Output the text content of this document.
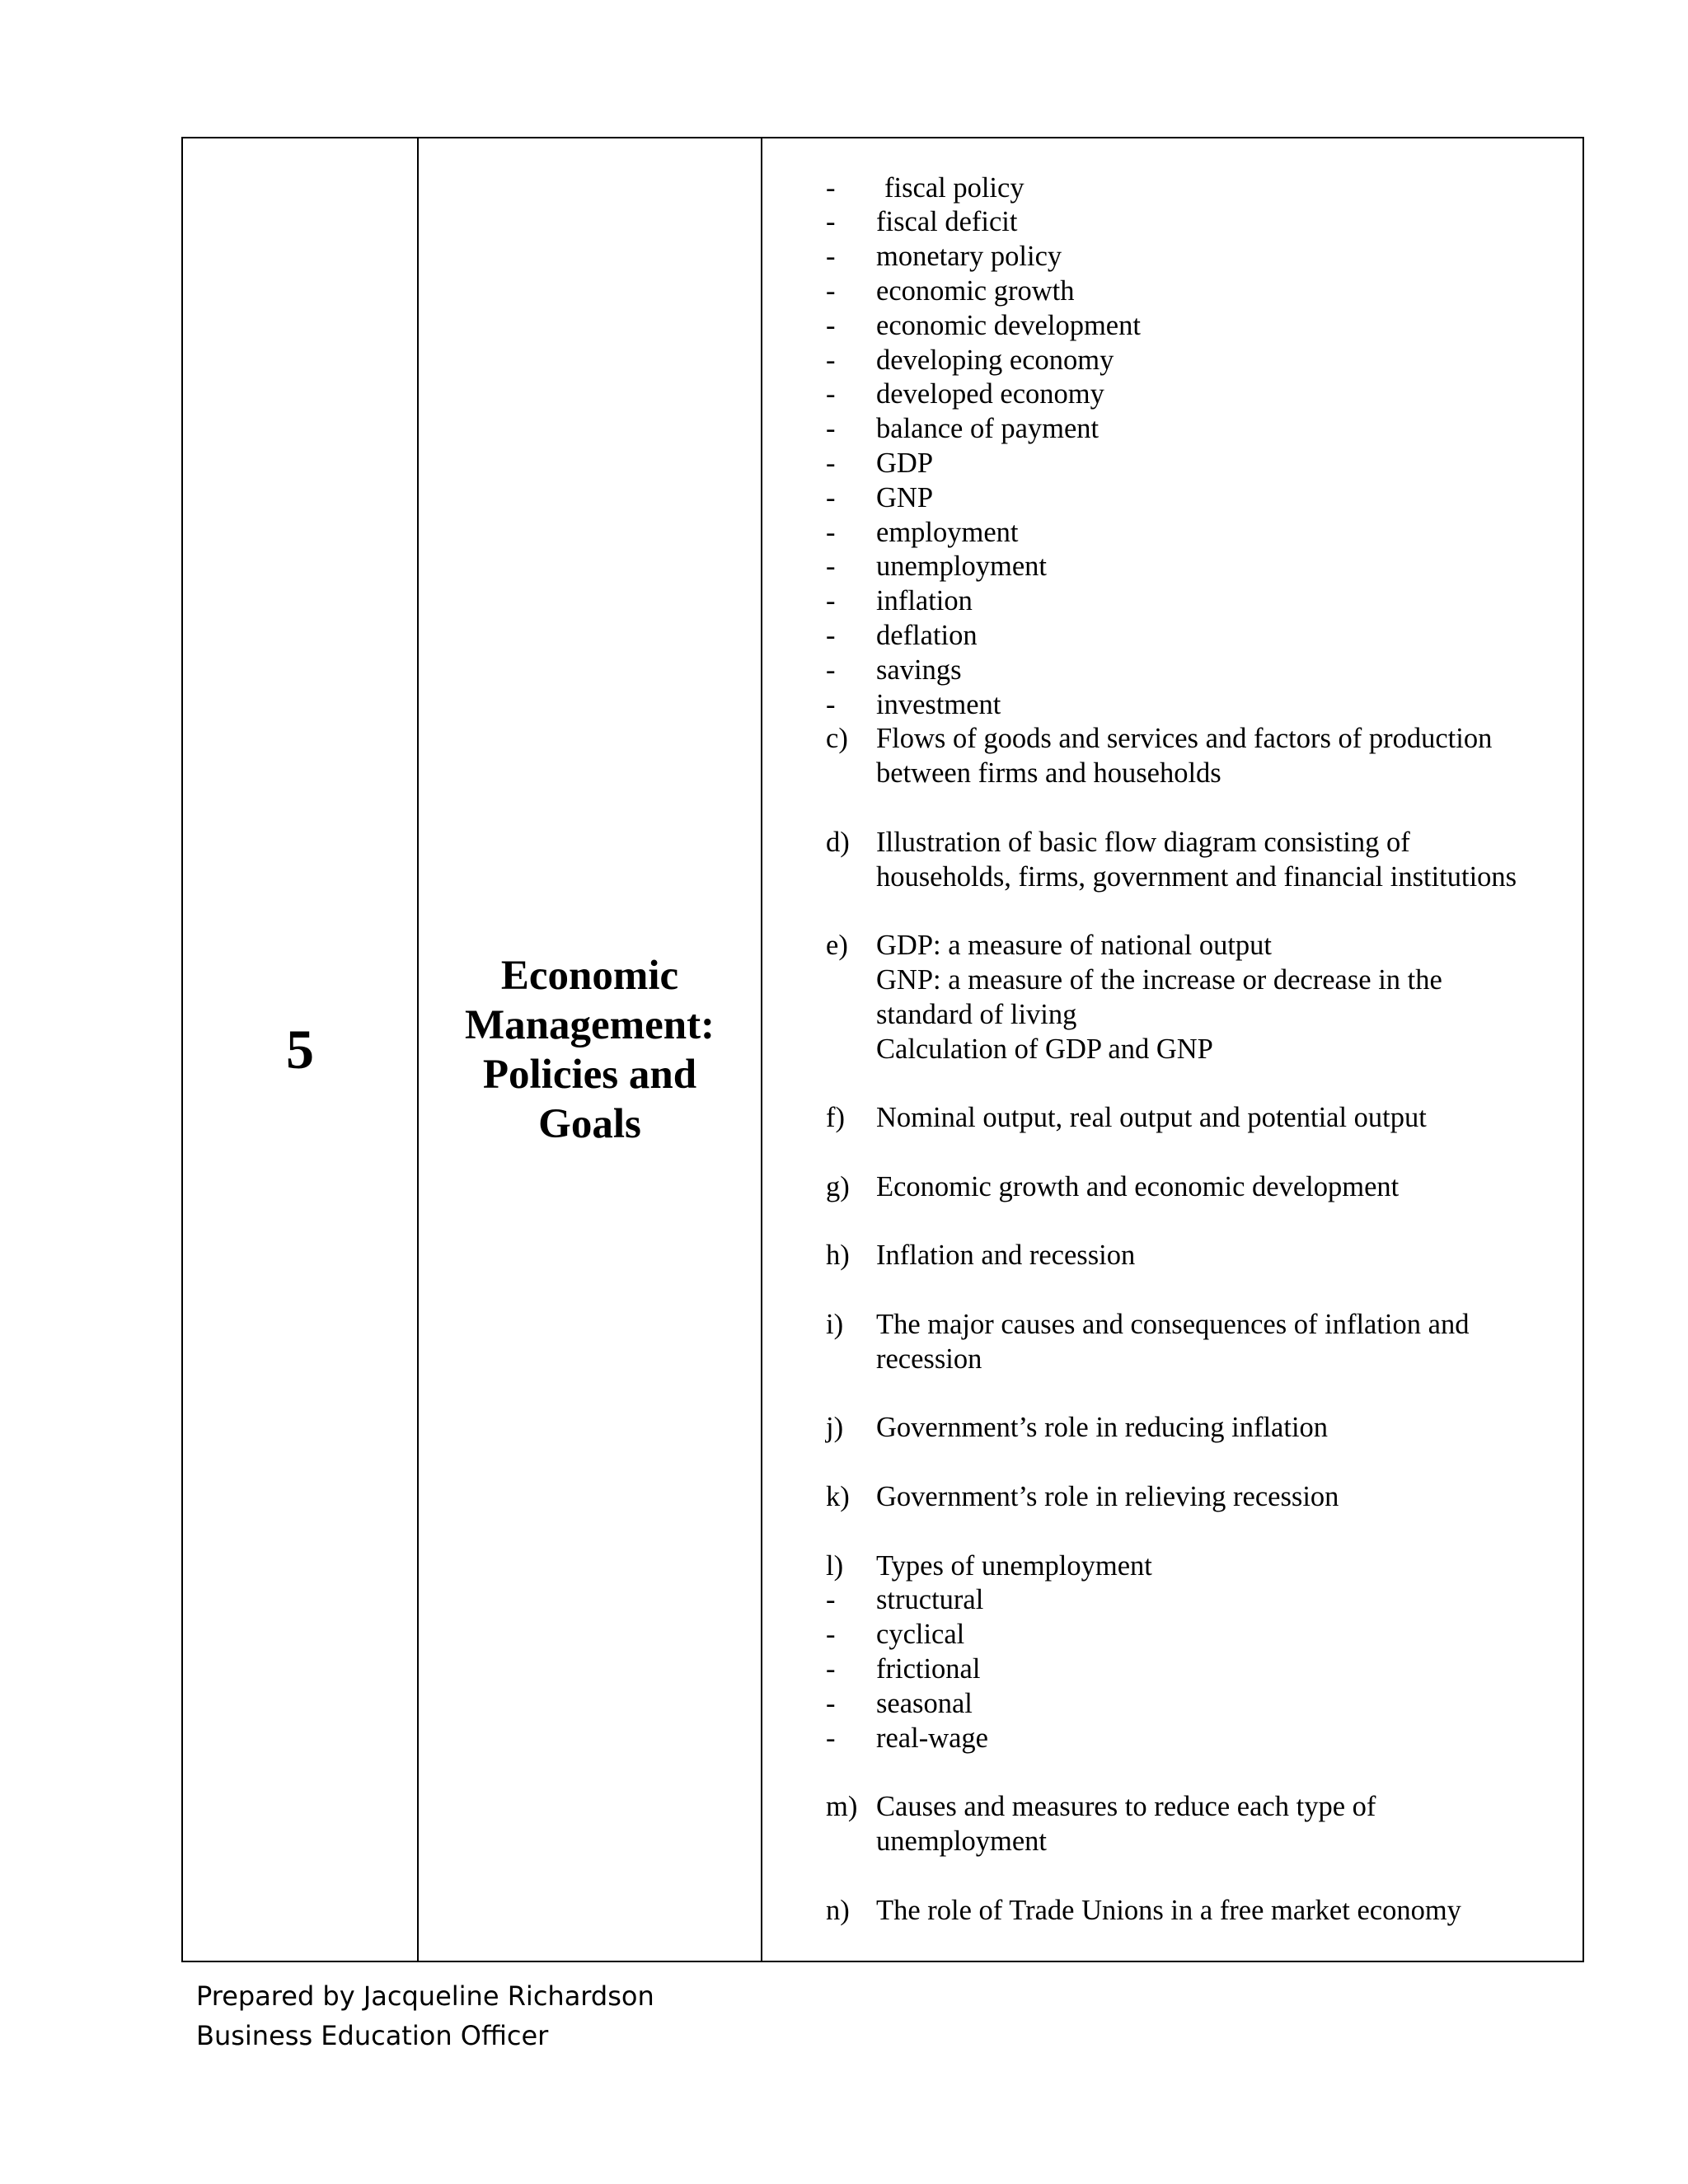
5

Economic
Management:
Policies and
Goals

-	fiscal policy
-	fiscal deficit
-	monetary policy
-	economic growth
-	economic development
-	developing economy
-	developed economy
-	balance of payment
-	GDP
-	GNP
-	employment
-	unemployment
-	inflation
-	deflation
-	savings
-	investment
c) Flows of goods and services and factors of production
between firms and households
d) Illustration of basic flow diagram consisting of
households, firms, government and financial institutions
e) GDP: a measure of national output
GNP: a measure of the increase or decrease in the
standard of living
Calculation of GDP and GNP
f)	Nominal output, real output and potential output
g) Economic growth and economic development
h) Inflation and recession
i)	The major causes and consequences of inflation and
recession
j)	Government’s role in reducing inflation
k) Government’s role in relieving recession
l)	Types of unemployment
-	structural
-	cyclical
-	frictional
-	seasonal
-	real-wage
m) Causes and measures to reduce each type of
unemployment
n) The role of Trade Unions in a free market economy
Prepared by Jacqueline Richardson
Business Education Officer
